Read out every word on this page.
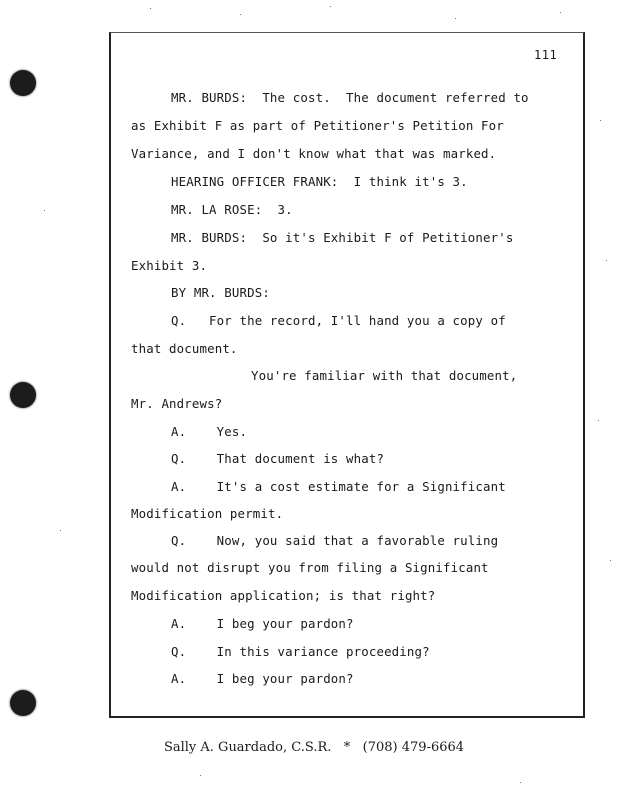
111
MR. BURDS:  The cost.  The document referred to
as Exhibit F as part of Petitioner's Petition For
Variance, and I don't know what that was marked.
HEARING OFFICER FRANK:  I think it's 3.
MR. LA ROSE:  3.
MR. BURDS:  So it's Exhibit F of Petitioner's
Exhibit 3.
BY MR. BURDS:
Q.   For the record, I'll hand you a copy of
that document.
You're familiar with that document,
Mr. Andrews?
A.    Yes.
Q.    That document is what?
A.    It's a cost estimate for a Significant
Modification permit.
Q.    Now, you said that a favorable ruling
would not disrupt you from filing a Significant
Modification application; is that right?
A.    I beg your pardon?
Q.    In this variance proceeding?
A.    I beg your pardon?
Sally A. Guardado, C.S.R.   *   (708) 479-6664
